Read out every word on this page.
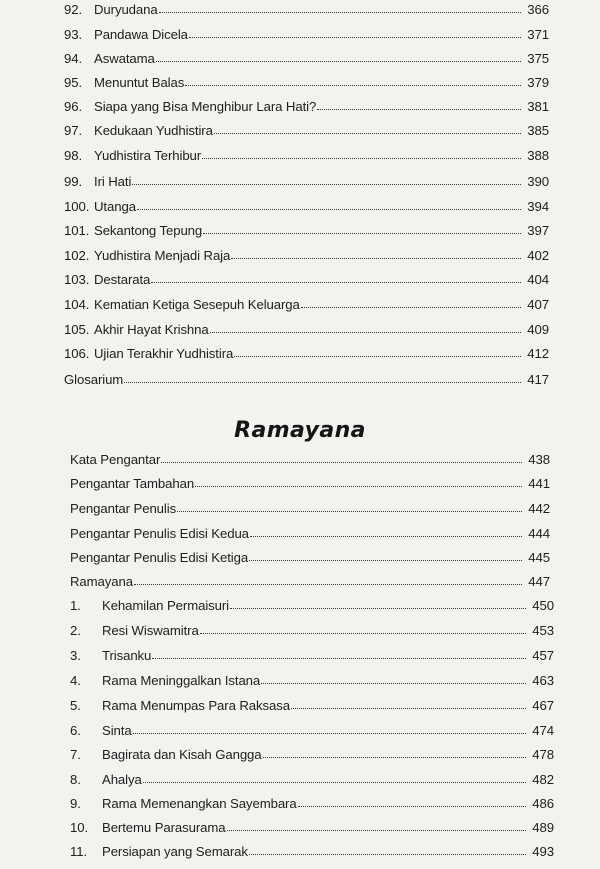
92. Duryudana	366
93. Pandawa Dicela	371
94. Aswatama	375
95. Menuntut Balas	379
96. Siapa yang Bisa Menghibur Lara Hati?	381
97. Kedukaan Yudhistira	385
98. Yudhistira Terhibur	388
99. Iri Hati	390
100. Utanga	394
101. Sekantong Tepung	397
102. Yudhistira Menjadi Raja	402
103. Destarata	404
104. Kematian Ketiga Sesepuh Keluarga	407
105. Akhir Hayat Krishna	409
106. Ujian Terakhir Yudhistira	412
Glosarium	417
Ramayana
Kata Pengantar	438
Pengantar Tambahan	441
Pengantar Penulis	442
Pengantar Penulis Edisi Kedua	444
Pengantar Penulis Edisi Ketiga	445
Ramayana	447
1.	Kehamilan Permaisuri	450
2.	Resi Wiswamitra	453
3.	Trisanku	457
4.	Rama Meninggalkan Istana	463
5.	Rama Menumpas Para Raksasa	467
6.	Sinta	474
7.	Bagirata dan Kisah Gangga	478
8.	Ahalya	482
9.	Rama Memenangkan Sayembara	486
10.	Bertemu Parasurama	489
11.	Persiapan yang Semarak	493
